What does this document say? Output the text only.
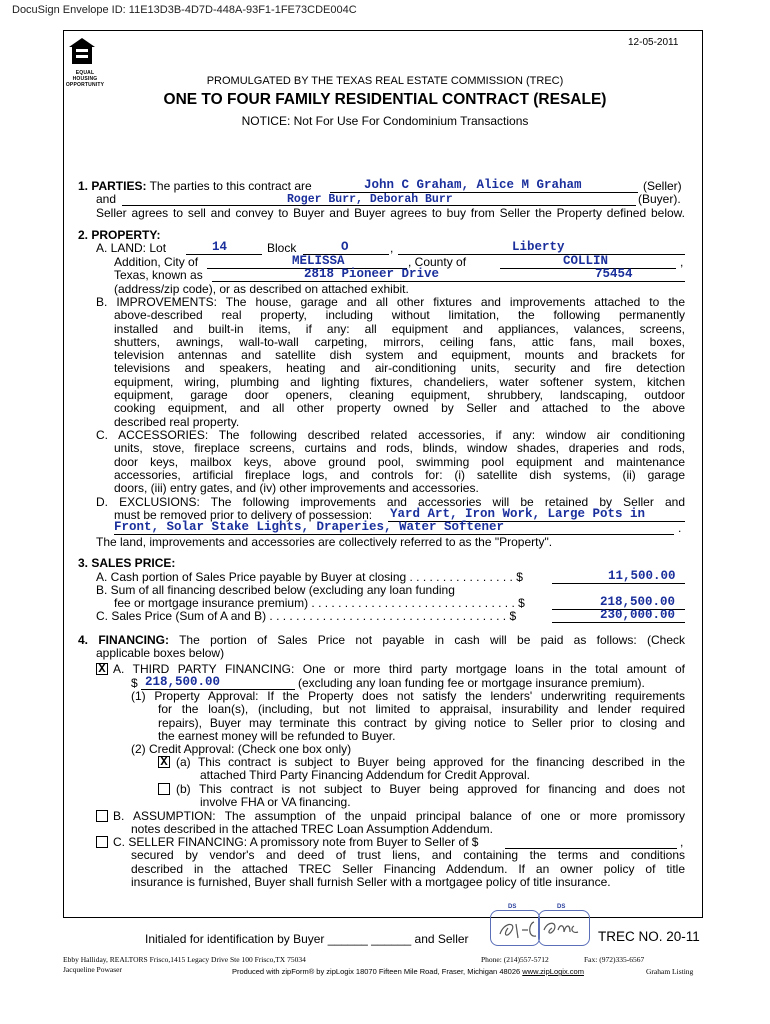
DocuSign Envelope ID: 11E13D3B-4D7D-448A-93F1-1FE73CDE004C
12-05-2011
EQUAL HOUSING
OPPORTUNITY	PROMULGATED BY THE TEXAS REAL ESTATE COMMISSION (TREC)
ONE TO FOUR FAMILY RESIDENTIAL CONTRACT (RESALE)
NOTICE: Not For Use For Condominium Transactions
1. PARTIES: The parties to this contract are	John C Graham, Alice M Graham	(Seller)
and	Roger Burr, Deborah Burr	(Buyer).
Seller agrees to sell and convey to Buyer and Buyer agrees to buy from Seller the Property defined below.
2. PROPERTY:
A. LAND: Lot	14	Block	O	,	Liberty
Addition, City of	MELISSA	, County of	COLLIN	,
Texas, known as	2818 Pioneer Drive	75454
(address/zip code), or as described on attached exhibit.
B. IMPROVEMENTS: The house, garage and all other fixtures and improvements attached to the
above-described real property, including without limitation, the following permanently
installed and built-in items, if any: all equipment and appliances, valances, screens,
shutters, awnings, wall-to-wall carpeting, mirrors, ceiling fans, attic fans, mail boxes,
television antennas and satellite dish system and equipment, mounts and brackets for
televisions and speakers, heating and air-conditioning units, security and fire detection
equipment, wiring, plumbing and lighting fixtures, chandeliers, water softener system, kitchen
equipment, garage door openers, cleaning equipment, shrubbery, landscaping, outdoor
cooking equipment, and all other property owned by Seller and attached to the above
described real property.
C. ACCESSORIES: The following described related accessories, if any: window air conditioning
units, stove, fireplace screens, curtains and rods, blinds, window shades, draperies and rods,
door keys, mailbox keys, above ground pool, swimming pool equipment and maintenance
accessories, artificial fireplace logs, and controls for: (i) satellite dish systems, (ii) garage
doors, (iii) entry gates, and (iv) other improvements and accessories.
D. EXCLUSIONS: The following improvements and accessories will be retained by Seller and
must be removed prior to delivery of possession: Yard Art, Iron Work, Large Pots in
Front, Solar Stake Lights, Draperies, Water Softener	.
The land, improvements and accessories are collectively referred to as the "Property".
3. SALES PRICE:
A. Cash portion of Sales Price payable by Buyer at closing . . . . . . . . . . . . . . . . $	11,500.00
B. Sum of all financing described below (excluding any loan funding
fee or mortgage insurance premium) . . . . . . . . . . . . . . . . . . . . . . . . . . . . . . . $	218,500.00
C. Sales Price (Sum of A and B) . . . . . . . . . . . . . . . . . . . . . . . . . . . . . . . . . . . . $	230,000.00
4. FINANCING: The portion of Sales Price not payable in cash will be paid as follows: (Check
applicable boxes below)
X A. THIRD PARTY FINANCING: One or more third party mortgage loans in the total amount of
$ 218,500.00	(excluding any loan funding fee or mortgage insurance premium).
(1) Property Approval: If the Property does not satisfy the lenders' underwriting requirements
for the loan(s), (including, but not limited to appraisal, insurability and lender required
repairs), Buyer may terminate this contract by giving notice to Seller prior to closing and
the earnest money will be refunded to Buyer.
(2) Credit Approval: (Check one box only)
X (a) This contract is subject to Buyer being approved for the financing described in the
attached Third Party Financing Addendum for Credit Approval.
(b) This contract is not subject to Buyer being approved for financing and does not
involve FHA or VA financing.
B. ASSUMPTION: The assumption of the unpaid principal balance of one or more promissory
notes described in the attached TREC Loan Assumption Addendum.
C. SELLER FINANCING: A promissory note from Buyer to Seller of $	,
secured by vendor's and deed of trust liens, and containing the terms and conditions
described in the attached TREC Seller Financing Addendum. If an owner policy of title
insurance is furnished, Buyer shall furnish Seller with a mortgagee policy of title insurance.
DS	DS
Initialed for identification by Buyer ______ ______ and Seller	TREC NO. 20-11
Ebby Halliday, REALTORS Frisco,1415 Legacy Drive Ste 100 Frisco,TX 75034	Phone: (214)557-5712	Fax: (972)335-6567
Jacqueline Powaser	Produced with zipForm® by zipLogix 18070 Fifteen Mile Road, Fraser, Michigan 48026 www.zipLogix.com	Graham Listing
